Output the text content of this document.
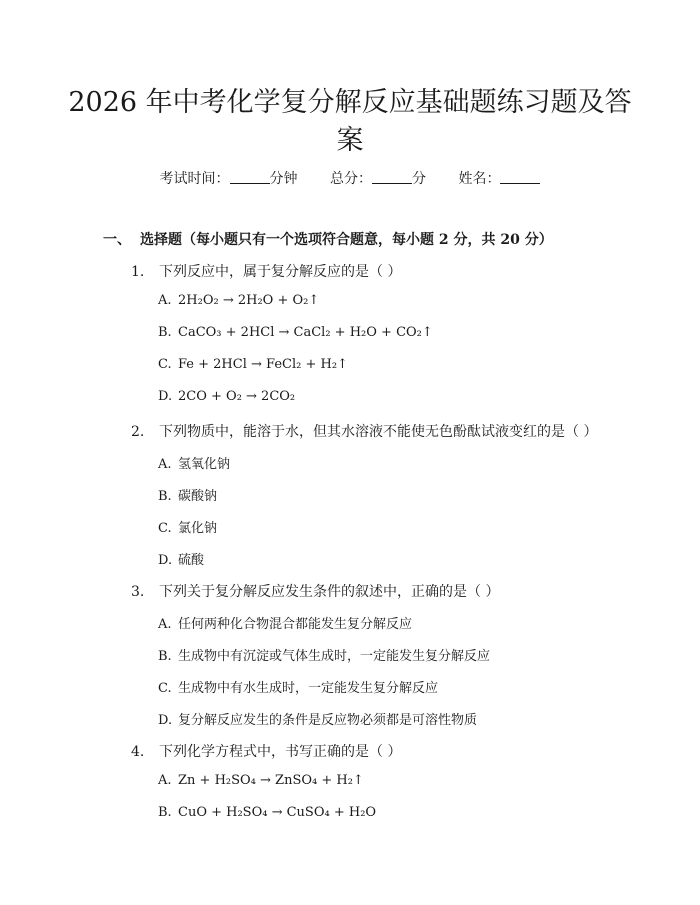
2026 年中考化学复分解反应基础题练习题及答案
考试时间：	分钟 总分：	分 姓名：
一、 选择题（每小题只有一个选项符合题意，每小题 2 分，共 20 分）
1. 下列反应中，属于复分解反应的是（ ）
A. 2H₂O₂ → 2H₂O + O₂↑
B. CaCO₃ + 2HCl → CaCl₂ + H₂O + CO₂↑
C. Fe + 2HCl → FeCl₂ + H₂↑
D. 2CO + O₂ → 2CO₂
2. 下列物质中，能溶于水，但其水溶液不能使无色酚酞试液变红的是（ ）
A. 氢氧化钠
B. 碳酸钠
C. 氯化钠
D. 硫酸
3. 下列关于复分解反应发生条件的叙述中，正确的是（ ）
A. 任何两种化合物混合都能发生复分解反应
B. 生成物中有沉淀或气体生成时，一定能发生复分解反应
C. 生成物中有水生成时，一定能发生复分解反应
D. 复分解反应发生的条件是反应物必须都是可溶性物质
4. 下列化学方程式中，书写正确的是（ ）
A. Zn + H₂SO₄ → ZnSO₄ + H₂↑
B. CuO + H₂SO₄ → CuSO₄ + H₂O
